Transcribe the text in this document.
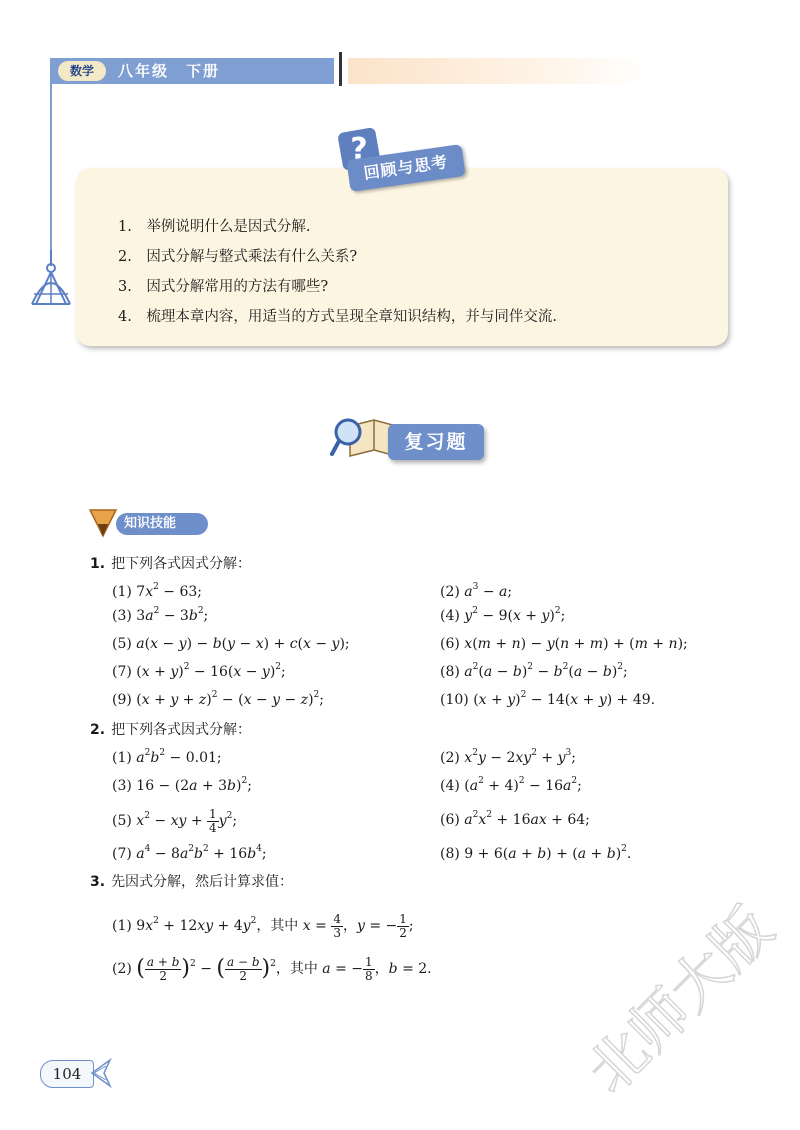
数学	八年级　下册
?
回顾与思考
1.　举例说明什么是因式分解.
2.　因式分解与整式乘法有什么关系?
3.　因式分解常用的方法有哪些?
4.　梳理本章内容，用适当的方式呈现全章知识结构，并与同伴交流.
复习题
知识技能
1. 把下列各式因式分解：
(1) $7x^2 - 63$;	(2) $a^3 - a$;
(3) $3a^2 - 3b^2$;	(4) $y^2 - 9(x + y)^2$;
(5) a(x − y) − b(y − x) + c(x − y);	(6) x(m + n) − y(n + m) + (m + n);
(7) $(x + y)^2 - 16(x - y)^2$;	(8) $a^2(a - b)^2 - b^2(a - b)^2$;
(9) $(x + y + z)^2 - (x - y - z)^2$;	(10) $(x + y)^2 - 14(x + y) + 49$.
2. 把下列各式因式分解：
(1) $a^2b^2 - 0.01$;	(2) $x^2y - 2xy^2 + y^3$;
(3) $16 - (2a + 3b)^2$;	(4) $(a^2 + 4)^2 - 16a^2$;
(5) $x^2$ − xy + $\frac{1}{4} y^2$;	(6) $a^2x^2 + 16ax + 64$;
(7) $a^4 - 8a^2b^2 + 16b^4$;	(8) $9 + 6(a + b) + (a + b)^2$.
3. 先因式分解，然后计算求值：
(1) $9x^2 + 12xy + 4y^2$，其中 $x = \frac{4}{3}$ ，y = − $\frac{1}{2}$ ;
(2) ( $\frac{a + b}{2} )^2$ − ( $\frac{a - b}{2} )^2$，其中 a = − $\frac{1}{8}$ ，b = 2.
104	北师大版
